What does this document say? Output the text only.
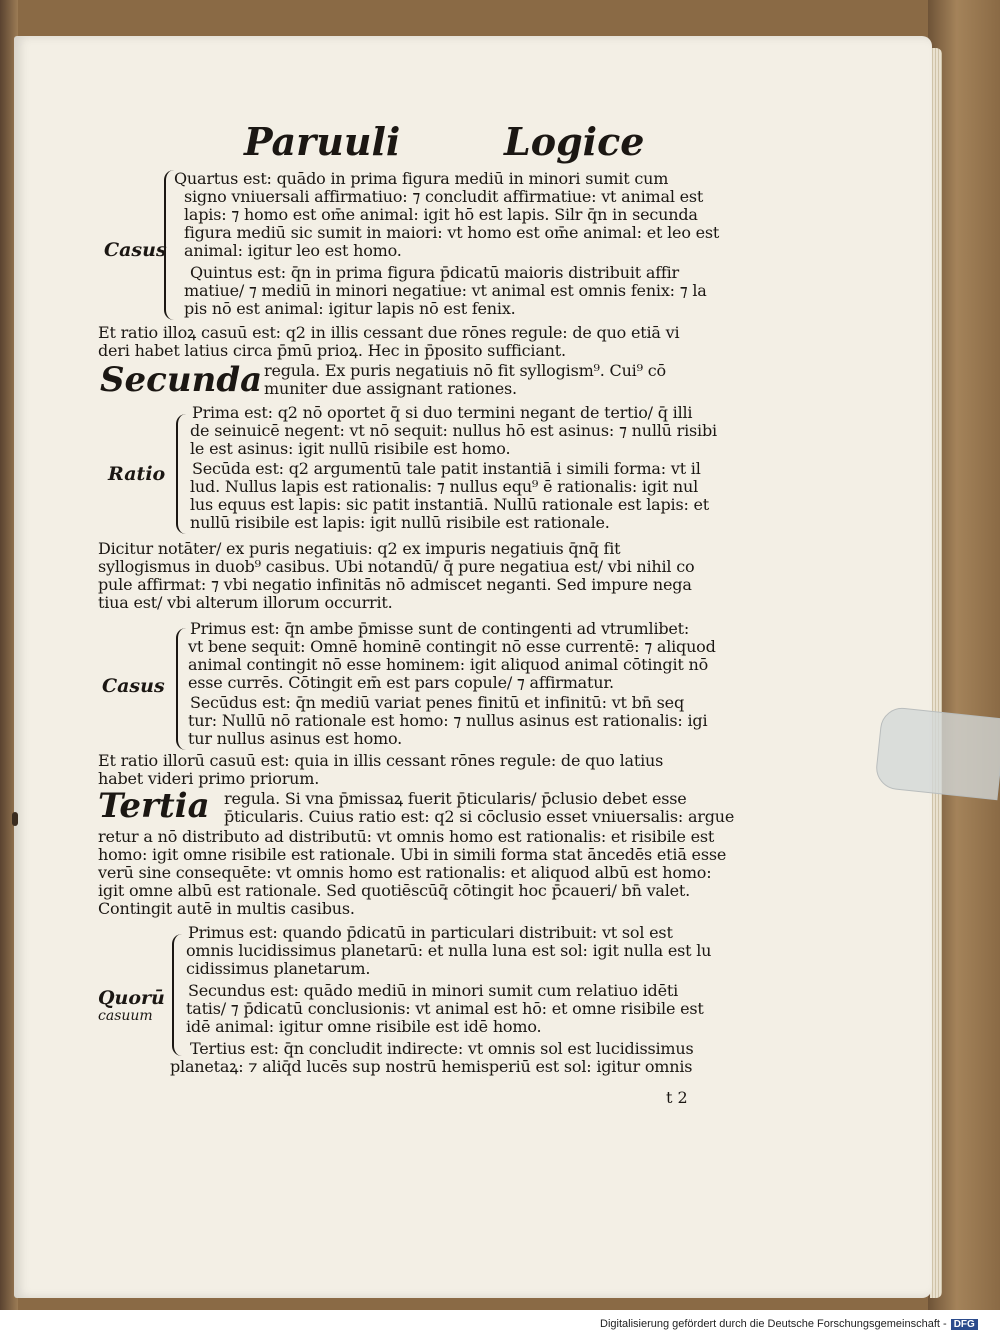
Paruuli	Logice
Casus
Ratio
Casus
Quorū
casuum
Secunda
Tertia
Quartus est: quādo in prima figura mediū in minori sumit cum
signo vniuersali affirmatiuo: ⁊ concludit affirmatiue: vt animal est
lapis: ⁊ homo est om̄e animal: igit hō est lapis. Silr q̄n in secunda
figura mediū sic sumit in maiori: vt homo est om̄e animal: et leo est
animal: igitur leo est homo.
Quintus est: q̄n in prima figura p̄dicatū maioris distribuit affir
matiue/ ⁊ mediū in minori negatiue: vt animal est omnis fenix: ⁊ la
pis nō est animal: igitur lapis nō est fenix.
Et ratio illoꝝ casuū est: q2 in illis cessant due rōnes regule: de quo etiā vi
deri habet latius circa p̄mū prioꝝ. Hec in p̄posito sufficiant.
regula. Ex puris negatiuis nō fit syllogism⁹. Cui⁹ cō
muniter due assignant rationes.
Prima est: q2 nō oportet q̄ si duo termini negant de tertio/ q̄ illi
de seinuicē negent: vt nō sequit: nullus hō est asinus: ⁊ nullū risibi
le est asinus: igit nullū risibile est homo.
Secūda est: q2 argumentū tale patit instantiā i simili forma: vt il
lud. Nullus lapis est rationalis: ⁊ nullus equ⁹ ē rationalis: igit nul
lus equus est lapis: sic patit instantiā. Nullū rationale est lapis: et
nullū risibile est lapis: igit nullū risibile est rationale.
Dicitur notāter/ ex puris negatiuis: q2 ex impuris negatiuis q̄nq̄ fit
syllogismus in duob⁹ casibus. Ubi notandū/ q̄ pure negatiua est/ vbi nihil co
pule affirmat: ⁊ vbi negatio infinitās nō admiscet neganti. Sed impure nega
tiua est/ vbi alterum illorum occurrit.
Primus est: q̄n ambe p̄misse sunt de contingenti ad vtrumlibet:
vt bene sequit: Omnē hominē contingit nō esse currentē: ⁊ aliquod
animal contingit nō esse hominem: igit aliquod animal cōtingit nō
esse currēs. Cōtingit em̄ est pars copule/ ⁊ affirmatur.
Secūdus est: q̄n mediū variat penes finitū et infinitū: vt bn̄ seq
tur: Nullū nō rationale est homo: ⁊ nullus asinus est rationalis: igi
tur nullus asinus est homo.
Et ratio illorū casuū est: quia in illis cessant rōnes regule: de quo latius
habet videri primo priorum.
regula. Si vna p̄missaꝝ fuerit p̄ticularis/ p̄clusio debet esse
p̄ticularis. Cuius ratio est: q2 si cōclusio esset vniuersalis: argue
retur a nō distributo ad distributū: vt omnis homo est rationalis: et risibile est
homo: igit omne risibile est rationale. Ubi in simili forma stat āncedēs etiā esse
verū sine consequēte: vt omnis homo est rationalis: et aliquod albū est homo:
igit omne albū est rationale. Sed quotiēscūq̄ cōtingit hoc p̄caueri/ bn̄ valet.
Contingit autē in multis casibus.
Primus est: quando p̄dicatū in particulari distribuit: vt sol est
omnis lucidissimus planetarū: et nulla luna est sol: igit nulla est lu
cidissimus planetarum.
Secundus est: quādo mediū in minori sumit cum relatiuo idēti
tatis/ ⁊ p̄dicatū conclusionis: vt animal est hō: et omne risibile est
idē animal: igitur omne risibile est idē homo.
Tertius est: q̄n concludit indirecte: vt omnis sol est lucidissimus
planetaꝝ: ⁊ aliq̄d lucēs sup nostrū hemisperiū est sol: igitur omnis
t 2
Digitalisierung gefördert durch die Deutsche Forschungsgemeinschaft - DFG
